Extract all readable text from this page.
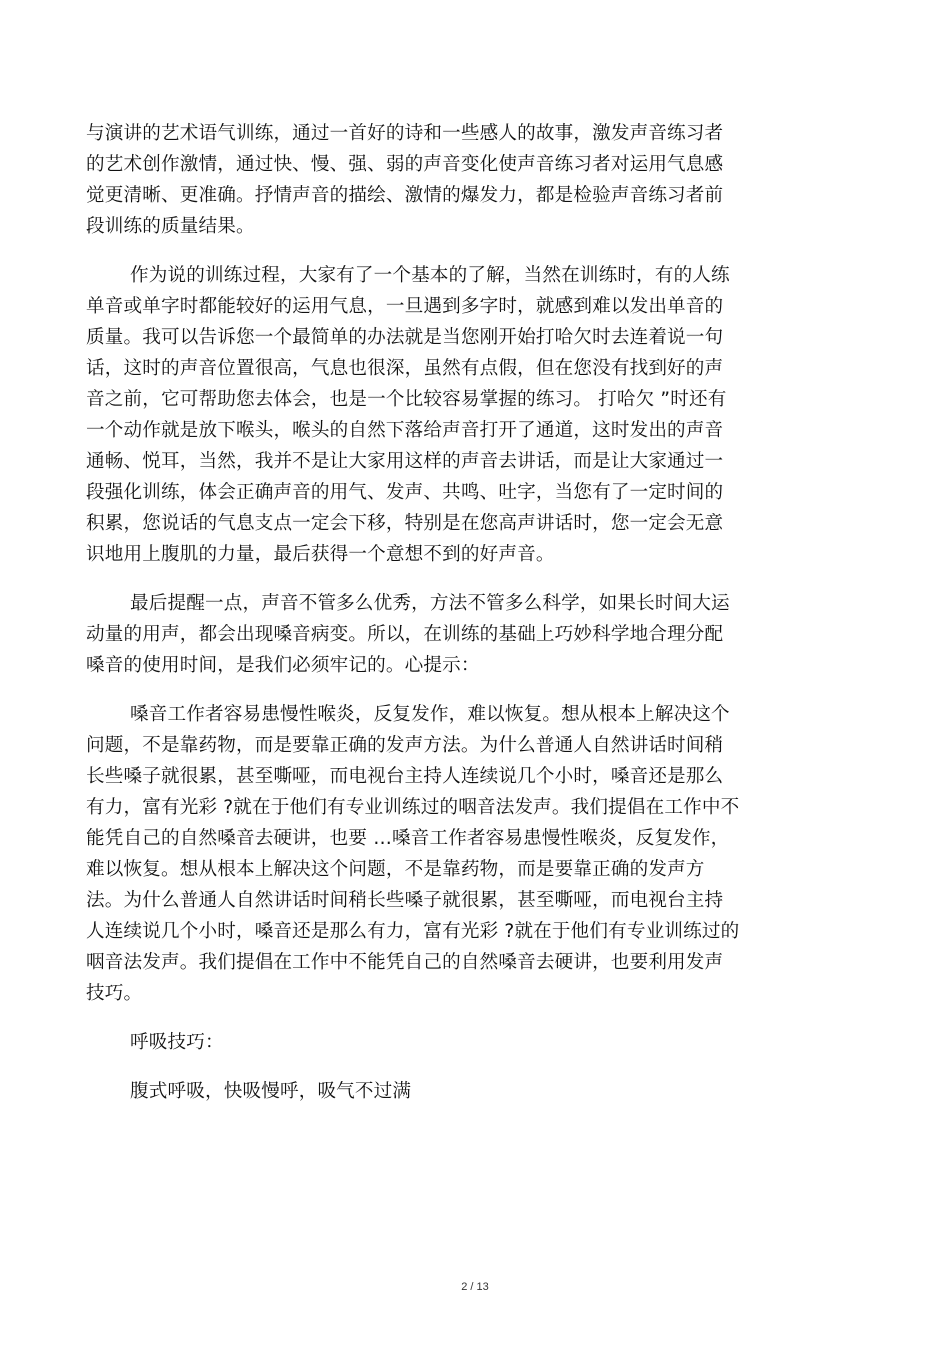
与演讲的艺术语气训练，通过一首好的诗和一些感人的故事，激发声音练习者
的艺术创作激情，通过快、慢、强、弱的声音变化使声音练习者对运用气息感
觉更清晰、更准确。抒情声音的描绘、激情的爆发力，都是检验声音练习者前
段训练的质量结果。

作为说的训练过程，大家有了一个基本的了解，当然在训练时，有的人练
单音或单字时都能较好的运用气息，一旦遇到多字时，就感到难以发出单音的
质量。我可以告诉您一个最简单的办法就是当您刚开始打哈欠时去连着说一句
话，这时的声音位置很高，气息也很深，虽然有点假，但在您没有找到好的声
音之前，它可帮助您去体会，也是一个比较容易掌握的练习。 打哈欠 ”时还有
一个动作就是放下喉头，喉头的自然下落给声音打开了通道，这时发出的声音
通畅、悦耳，当然，我并不是让大家用这样的声音去讲话，而是让大家通过一
段强化训练，体会正确声音的用气、发声、共鸣、吐字，当您有了一定时间的
积累，您说话的气息支点一定会下移，特别是在您高声讲话时，您一定会无意
识地用上腹肌的力量，最后获得一个意想不到的好声音。

最后提醒一点，声音不管多么优秀，方法不管多么科学，如果长时间大运
动量的用声，都会出现嗓音病变。所以，在训练的基础上巧妙科学地合理分配
嗓音的使用时间，是我们必须牢记的。心提示：

嗓音工作者容易患慢性喉炎，反复发作，难以恢复。想从根本上解决这个
问题，不是靠药物，而是要靠正确的发声方法。为什么普通人自然讲话时间稍
长些嗓子就很累，甚至嘶哑，而电视台主持人连续说几个小时，嗓音还是那么
有力，富有光彩 ?就在于他们有专业训练过的咽音法发声。我们提倡在工作中不
能凭自己的自然嗓音去硬讲，也要 …嗓音工作者容易患慢性喉炎，反复发作，
难以恢复。想从根本上解决这个问题，不是靠药物，而是要靠正确的发声方
法。为什么普通人自然讲话时间稍长些嗓子就很累，甚至嘶哑，而电视台主持
人连续说几个小时，嗓音还是那么有力，富有光彩 ?就在于他们有专业训练过的
咽音法发声。我们提倡在工作中不能凭自己的自然嗓音去硬讲，也要利用发声
技巧。

呼吸技巧：

腹式呼吸，快吸慢呼，吸气不过满

2 / 13
